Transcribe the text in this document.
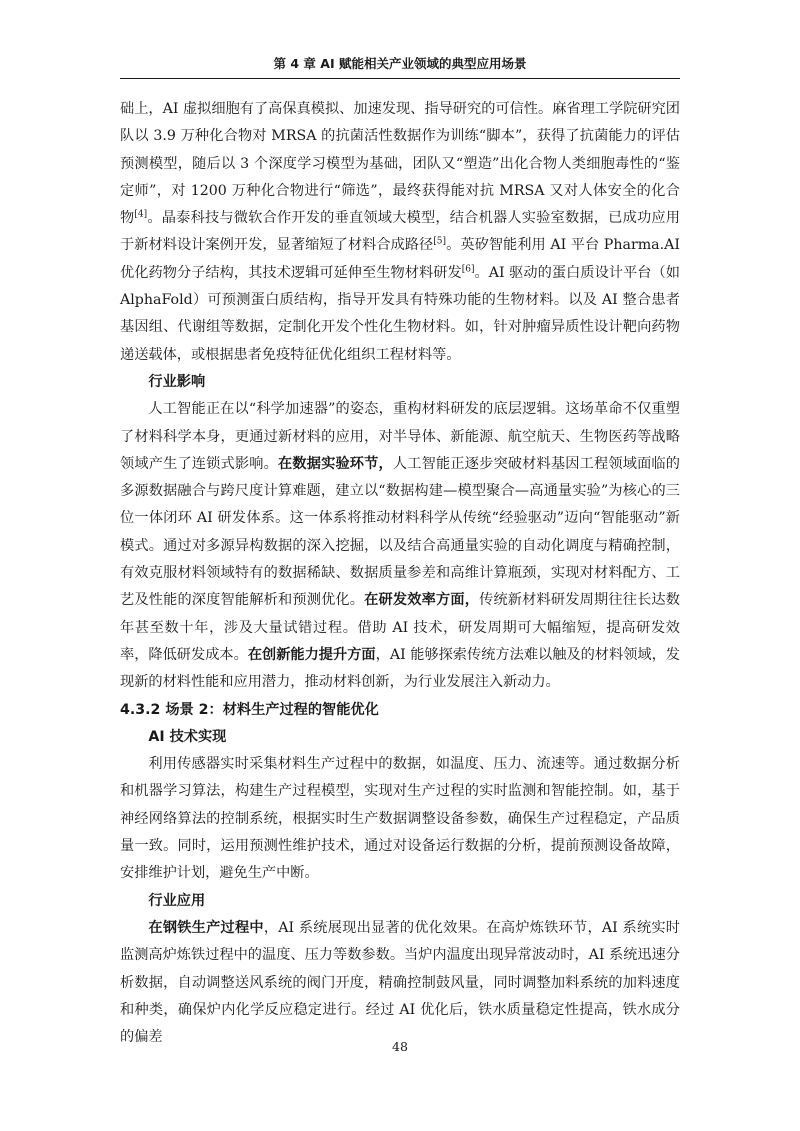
第 4 章 AI 赋能相关产业领域的典型应用场景

础上，AI 虚拟细胞有了高保真模拟、加速发现、指导研究的可信性。麻省理工学院研究团队以 3.9 万种化合物对 MRSA 的抗菌活性数据作为训练“脚本”，获得了抗菌能力的评估预测模型，随后以 3 个深度学习模型为基础，团队又“塑造”出化合物人类细胞毒性的“鉴定师”，对 1200 万种化合物进行“筛选”，最终获得能对抗 MRSA 又对人体安全的化合物[4]。晶泰科技与微软合作开发的垂直领域大模型，结合机器人实验室数据，已成功应用于新材料设计案例开发，显著缩短了材料合成路径[5]。英矽智能利用 AI 平台 Pharma.AI 优化药物分子结构，其技术逻辑可延伸至生物材料研发[6]。AI 驱动的蛋白质设计平台（如 AlphaFold）可预测蛋白质结构，指导开发具有特殊功能的生物材料。以及 AI 整合患者基因组、代谢组等数据，定制化开发个性化生物材料。如，针对肿瘤异质性设计靶向药物递送载体，或根据患者免疫特征优化组织工程材料等。

行业影响

人工智能正在以“科学加速器”的姿态，重构材料研发的底层逻辑。这场革命不仅重塑了材料科学本身，更通过新材料的应用，对半导体、新能源、航空航天、生物医药等战略领域产生了连锁式影响。在数据实验环节，人工智能正逐步突破材料基因工程领域面临的多源数据融合与跨尺度计算难题，建立以“数据构建—模型聚合—高通量实验”为核心的三位一体闭环 AI 研发体系。这一体系将推动材料科学从传统“经验驱动”迈向“智能驱动”新模式。通过对多源异构数据的深入挖掘，以及结合高通量实验的自动化调度与精确控制，有效克服材料领域特有的数据稀缺、数据质量参差和高维计算瓶颈，实现对材料配方、工艺及性能的深度智能解析和预测优化。在研发效率方面，传统新材料研发周期往往长达数年甚至数十年，涉及大量试错过程。借助 AI 技术，研发周期可大幅缩短，提高研发效率，降低研发成本。在创新能力提升方面，AI 能够探索传统方法难以触及的材料领域，发现新的材料性能和应用潜力，推动材料创新，为行业发展注入新动力。

4.3.2 场景 2：材料生产过程的智能优化

AI 技术实现

利用传感器实时采集材料生产过程中的数据，如温度、压力、流速等。通过数据分析和机器学习算法，构建生产过程模型，实现对生产过程的实时监测和智能控制。如，基于神经网络算法的控制系统，根据实时生产数据调整设备参数，确保生产过程稳定，产品质量一致。同时，运用预测性维护技术，通过对设备运行数据的分析，提前预测设备故障，安排维护计划，避免生产中断。

行业应用

在钢铁生产过程中，AI 系统展现出显著的优化效果。在高炉炼铁环节，AI 系统实时监测高炉炼铁过程中的温度、压力等数参数。当炉内温度出现异常波动时，AI 系统迅速分析数据，自动调整送风系统的阀门开度，精确控制鼓风量，同时调整加料系统的加料速度和种类，确保炉内化学反应稳定进行。经过 AI 优化后，铁水质量稳定性提高，铁水成分的偏差

48
